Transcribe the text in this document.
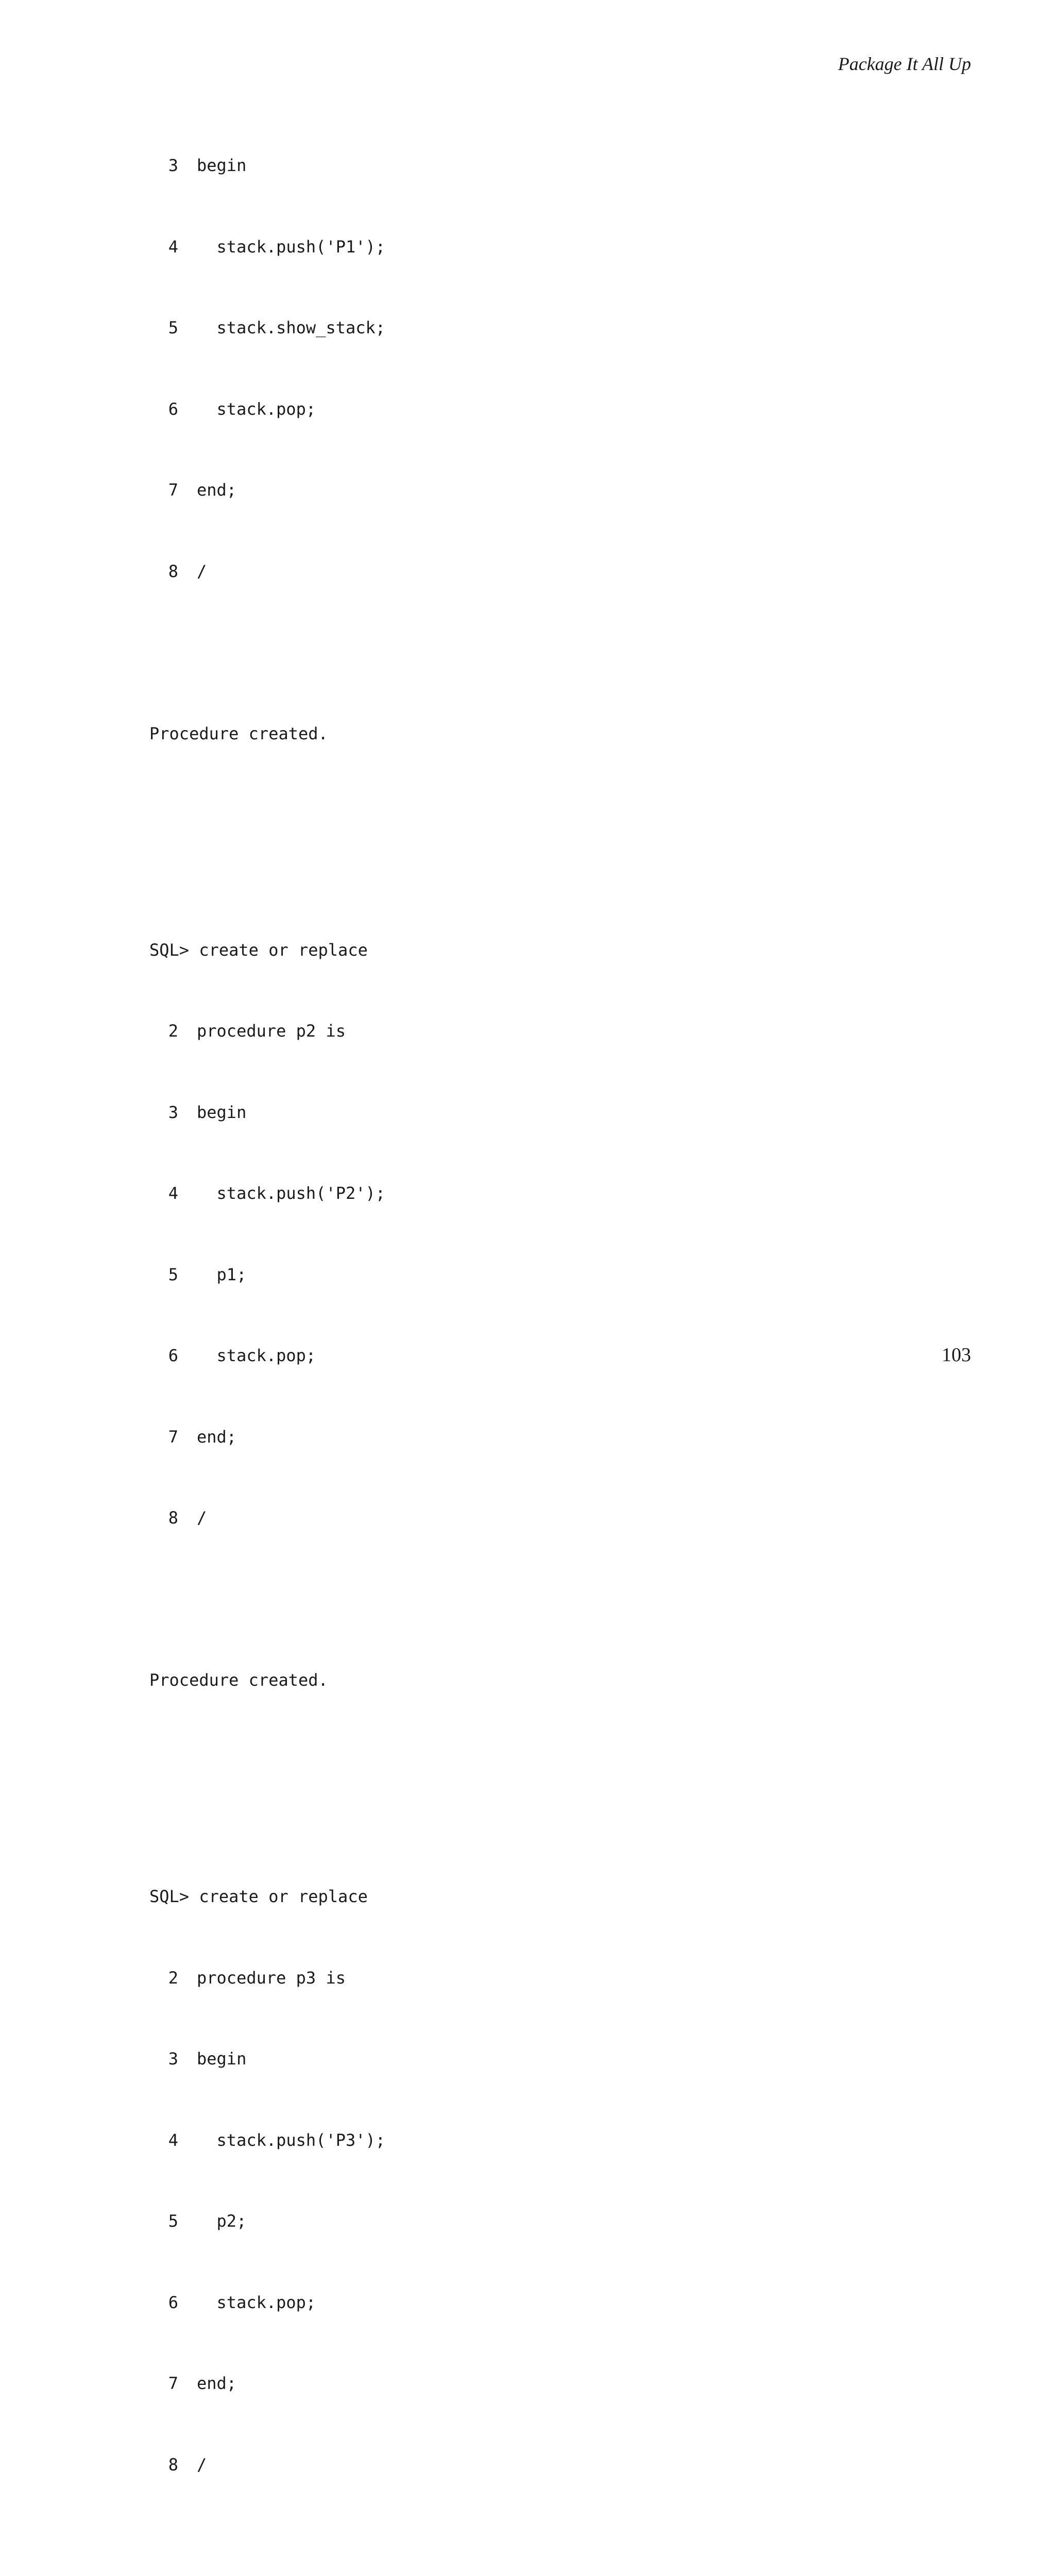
Package It All Up

3 begin

4  stack.push('P1');

5  stack.show_stack;

6  stack.pop;

7 end;

8 /

Procedure created.

SQL> create or replace

2 procedure p2 is

3 begin

4  stack.push('P2');

5  p1;

6  stack.pop;

7 end;

8 /

Procedure created.

SQL> create or replace

2 procedure p3 is

3 begin

4  stack.push('P3');

5  p2;

6  stack.pop;

7 end;

8 /

103
